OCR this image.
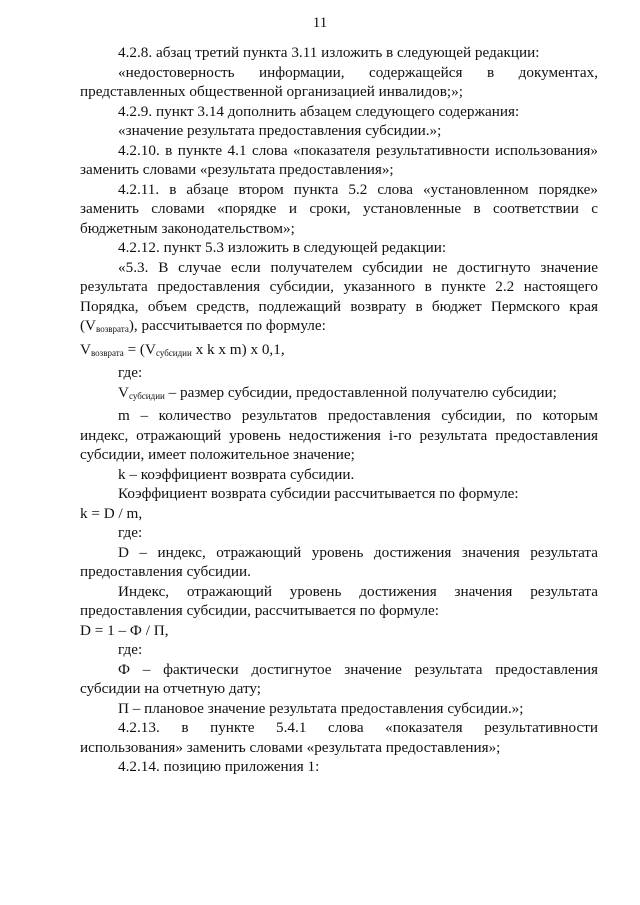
11

4.2.8. абзац третий пункта 3.11 изложить в следующей редакции:

«недостоверность информации, содержащейся в документах, представленных общественной организацией инвалидов;»;

4.2.9. пункт 3.14 дополнить абзацем следующего содержания:

«значение результата предоставления субсидии.»;

4.2.10. в пункте 4.1 слова «показателя результативности использования» заменить словами «результата предоставления»;

4.2.11. в абзаце втором пункта 5.2 слова «установленном порядке» заменить словами «порядке и сроки, установленные в соответствии с бюджетным законодательством»;

4.2.12. пункт 5.3 изложить в следующей редакции:

«5.3. В случае если получателем субсидии не достигнуто значение результата предоставления субсидии, указанного в пункте 2.2 настоящего Порядка, объем средств, подлежащий возврату в бюджет Пермского края $(V_{возврата})$, рассчитывается по формуле:

$V_{возврата} = (V_{субсидии}$ x k x m) x 0,1,

где:

$V_{субсидии}$ – размер субсидии, предоставленной получателю субсидии;

m – количество результатов предоставления субсидии, по которым индекс, отражающий уровень недостижения i-го результата предоставления субсидии, имеет положительное значение;

k – коэффициент возврата субсидии.

Коэффициент возврата субсидии рассчитывается по формуле:

k = D / m,

где:

D – индекс, отражающий уровень достижения значения результата предоставления субсидии.

Индекс, отражающий уровень достижения значения результата предоставления субсидии, рассчитывается по формуле:

D = 1 – Ф / П,

где:

Ф – фактически достигнутое значение результата предоставления субсидии на отчетную дату;

П – плановое значение результата предоставления субсидии.»;

4.2.13. в пункте 5.4.1 слова «показателя результативности использования» заменить словами «результата предоставления»;

4.2.14. позицию приложения 1:
